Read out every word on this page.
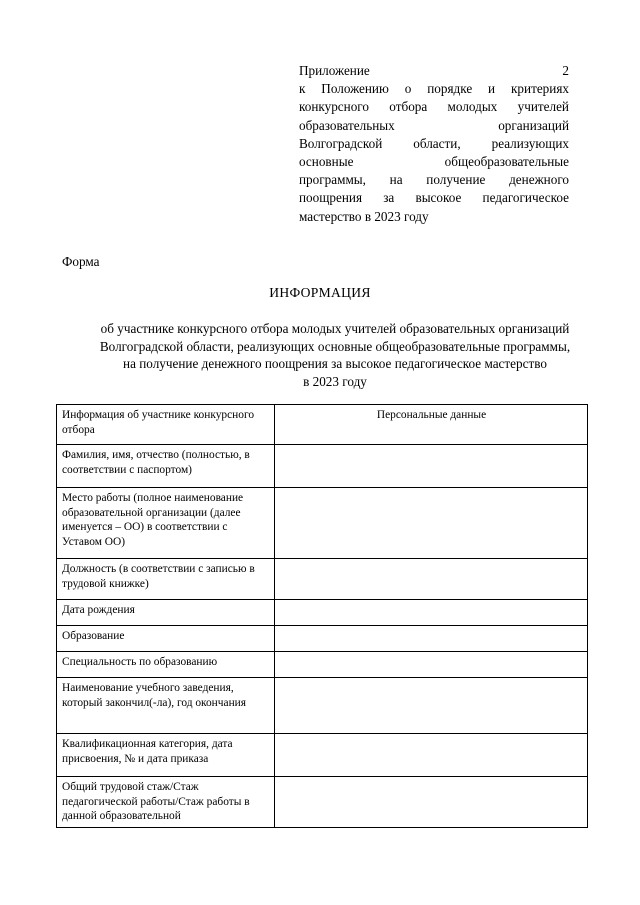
Приложение 2
к Положению о порядке и критериях
конкурсного отбора молодых учителей
образовательных организаций
Волгоградской области, реализующих
основные общеобразовательные
программы, на получение денежного
поощрения за высокое педагогическое
мастерство в 2023 году
Форма
ИНФОРМАЦИЯ
об участнике конкурсного отбора молодых учителей образовательных организаций
Волгоградской области, реализующих основные общеобразовательные программы,
на получение денежного поощрения за высокое педагогическое мастерство
в 2023 году
Информация об участнике конкурсного отбора	Персональные данные
Фамилия, имя, отчество (полностью, в соответствии с паспортом)	
Место работы (полное наименование образовательной организации (далее именуется – ОО) в соответствии с Уставом ОО)	
Должность (в соответствии с записью в трудовой книжке)	
Дата рождения	
Образование	
Специальность по образованию	
Наименование учебного заведения, который закончил(-ла), год окончания	
Квалификационная категория, дата присвоения, № и дата приказа	
Общий трудовой стаж/Стаж педагогической работы/Стаж работы в данной образовательной	
